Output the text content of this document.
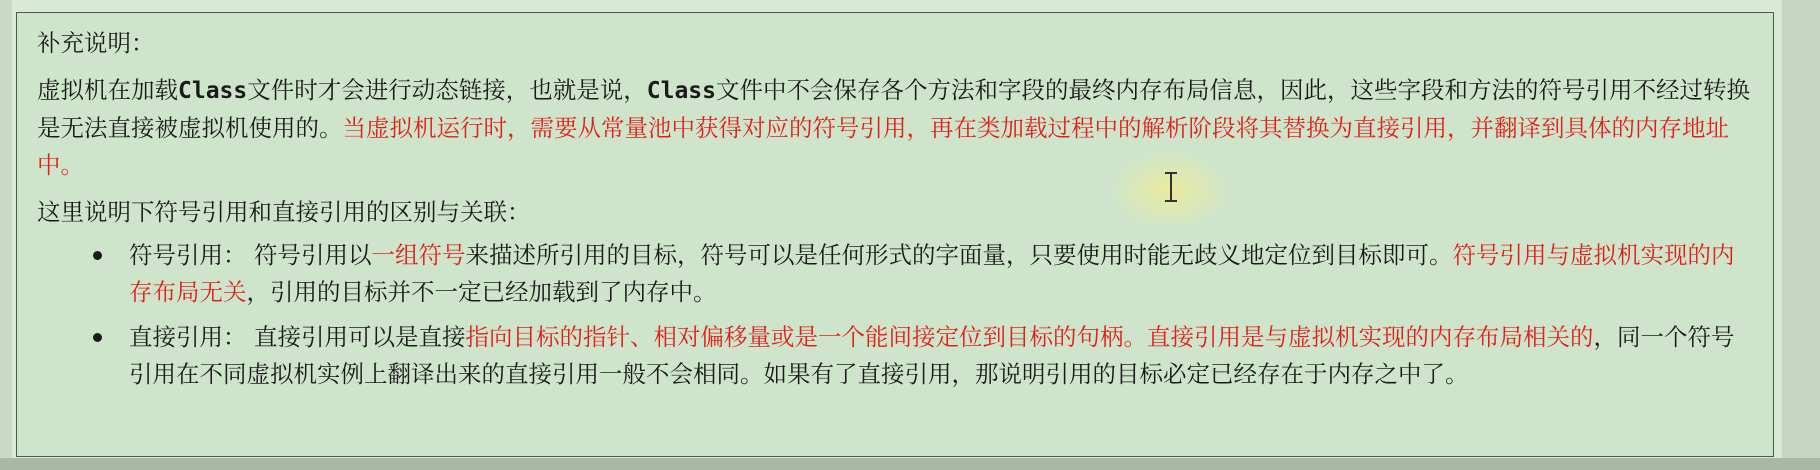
补充说明：

虚拟机在加载Class文件时才会进行动态链接，也就是说，Class文件中不会保存各个方法和字段的最终内存布局信息，因此，这些字段和方法的符号引用不经过转换是无法直接被虚拟机使用的。当虚拟机运行时，需要从常量池中获得对应的符号引用，再在类加载过程中的解析阶段将其替换为直接引用，并翻译到具体的内存地址中。

这里说明下符号引用和直接引用的区别与关联：

符号引用： 符号引用以一组符号来描述所引用的目标，符号可以是任何形式的字面量，只要使用时能无歧义地定位到目标即可。符号引用与虚拟机实现的内存布局无关，引用的目标并不一定已经加载到了内存中。
直接引用： 直接引用可以是直接指向目标的指针、相对偏移量或是一个能间接定位到目标的句柄。直接引用是与虚拟机实现的内存布局相关的，同一个符号引用在不同虚拟机实例上翻译出来的直接引用一般不会相同。如果有了直接引用，那说明引用的目标必定已经存在于内存之中了。
